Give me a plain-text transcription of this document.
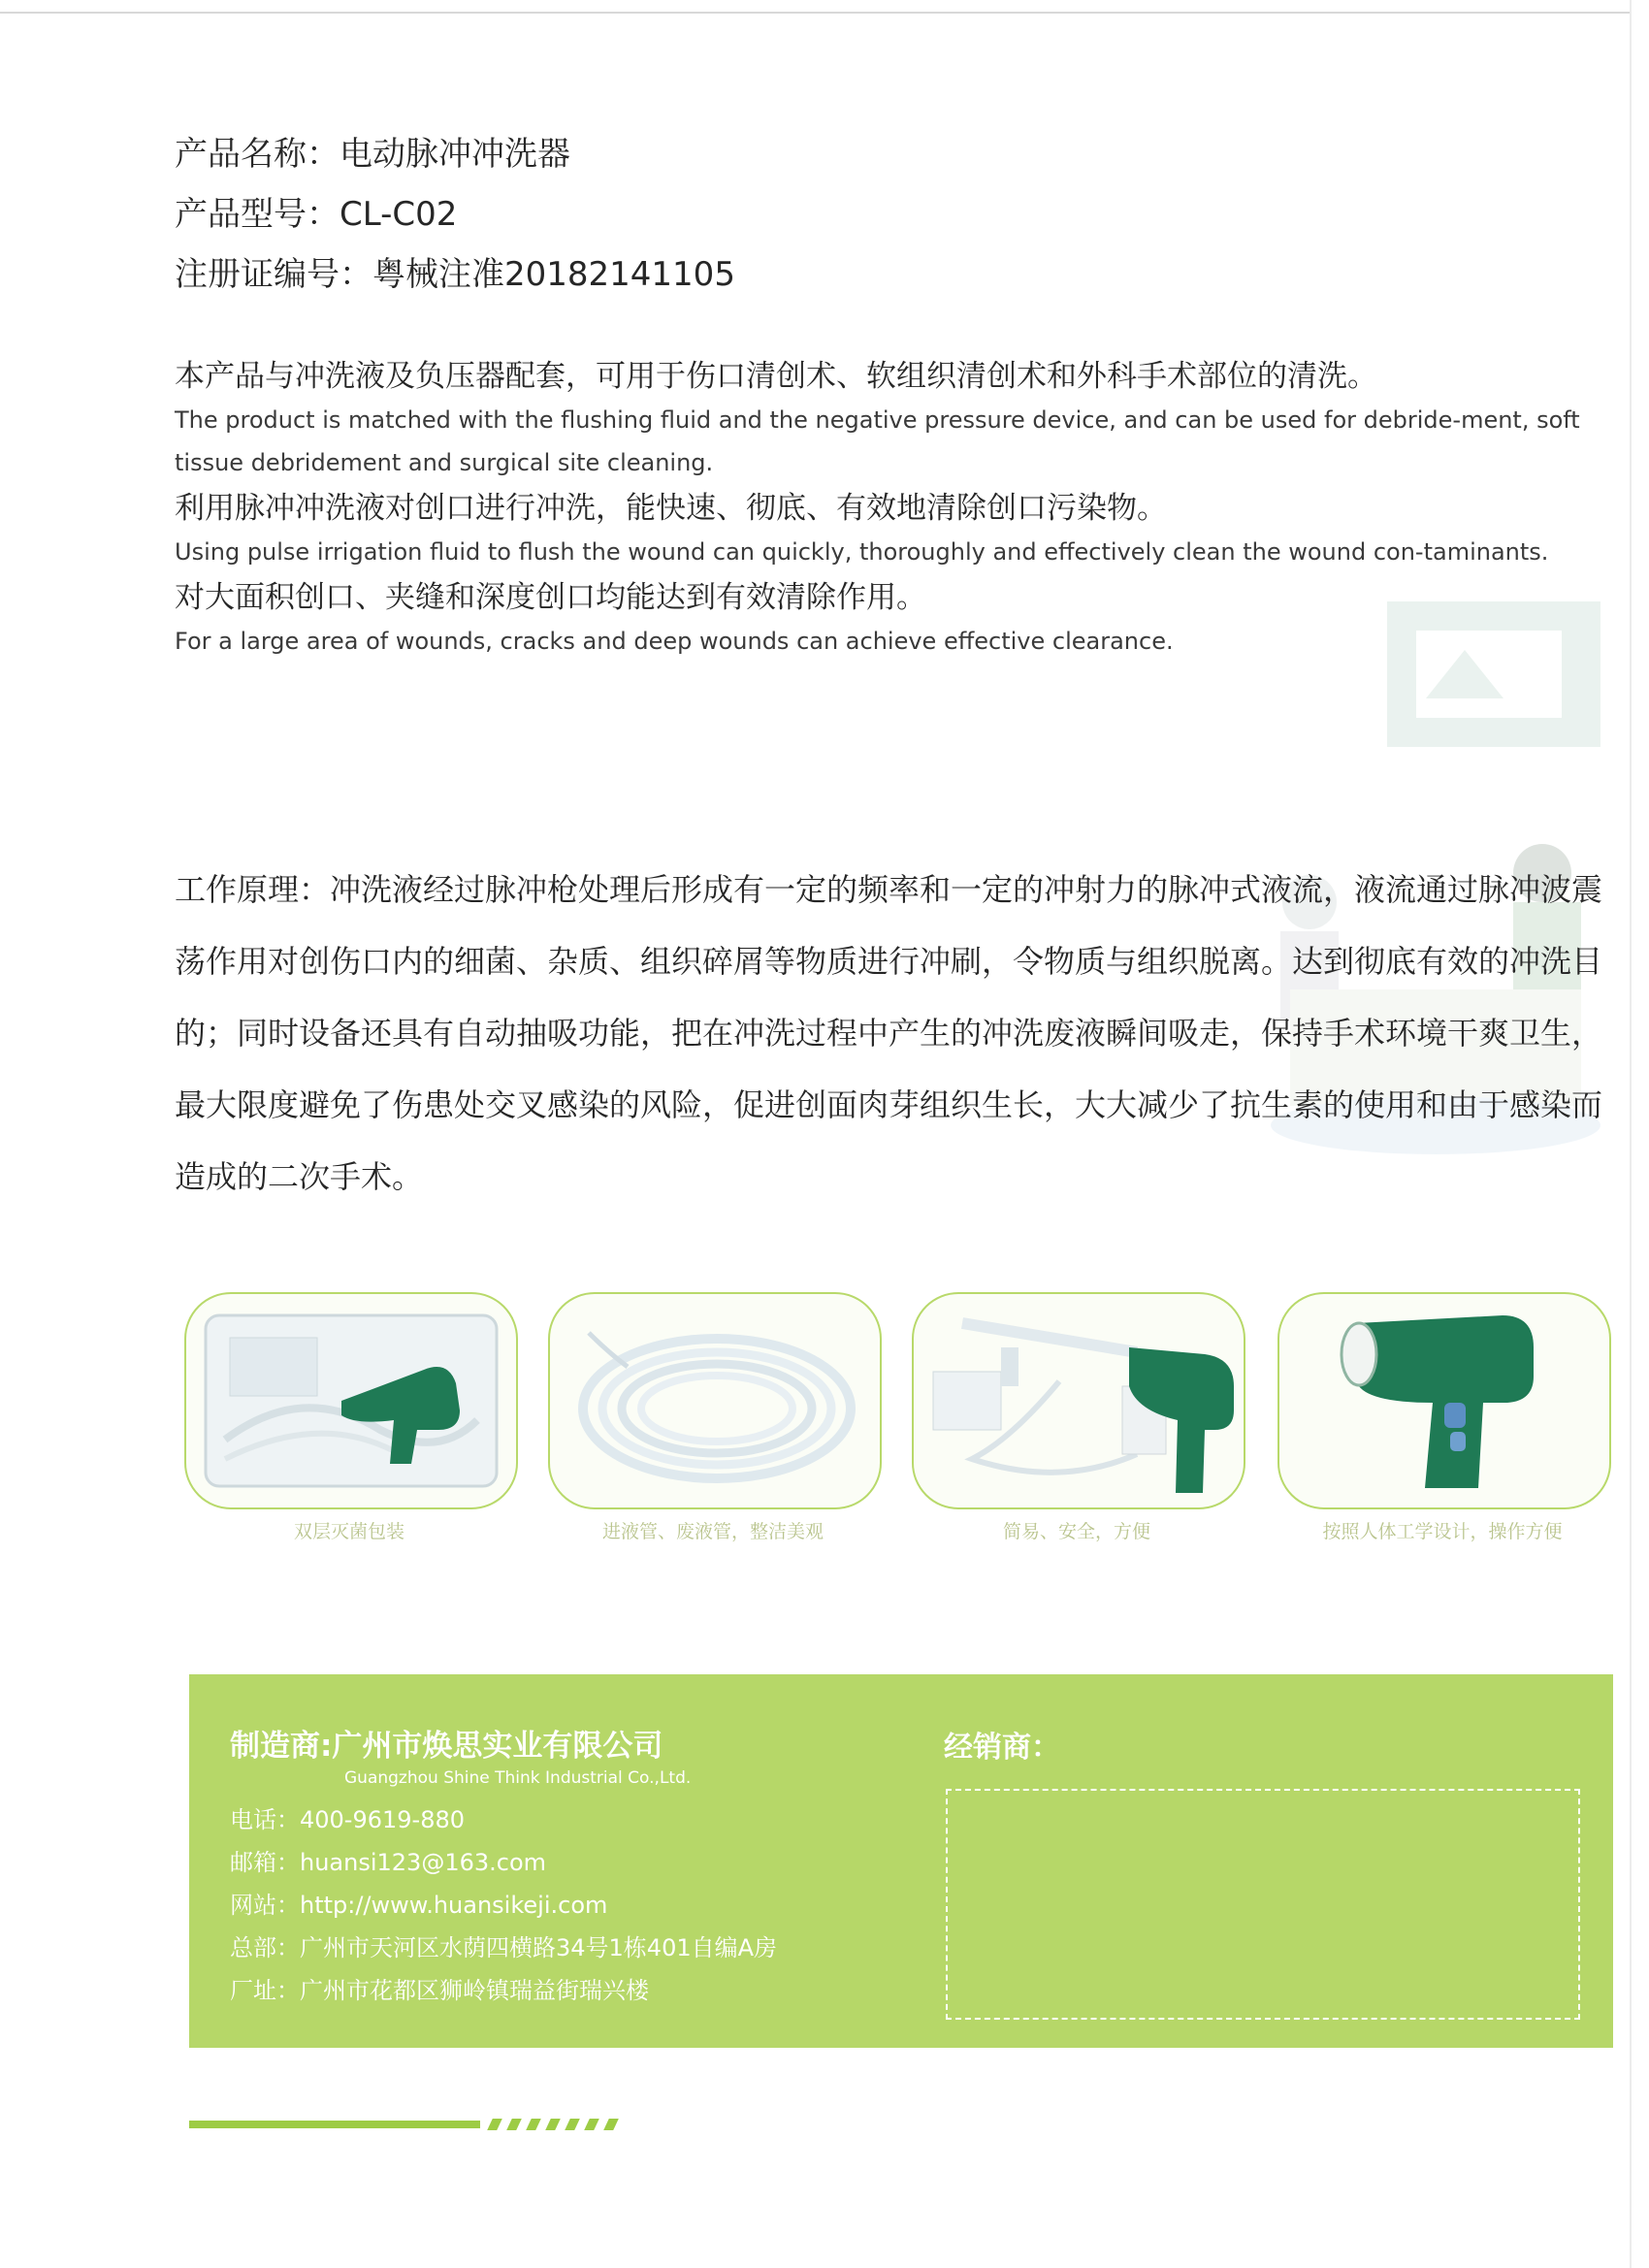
产品名称：电动脉冲冲洗器
产品型号：CL-C02
注册证编号：粤械注准20182141105
本产品与冲洗液及负压器配套，可用于伤口清创术、软组织清创术和外科手术部位的清洗。
The product is matched with the flushing fluid and the negative pressure device, and can be used for debride-ment, soft tissue debridement and surgical site cleaning.
利用脉冲冲洗液对创口进行冲洗，能快速、彻底、有效地清除创口污染物。
Using pulse irrigation fluid to flush the wound can quickly, thoroughly and effectively clean the wound con-taminants.
对大面积创口、夹缝和深度创口均能达到有效清除作用。
For a large area of wounds, cracks and deep wounds can achieve effective clearance.
工作原理：冲洗液经过脉冲枪处理后形成有一定的频率和一定的冲射力的脉冲式液流，液流通过脉冲波震荡作用对创伤口内的细菌、杂质、组织碎屑等物质进行冲刷，令物质与组织脱离。达到彻底有效的冲洗目的；同时设备还具有自动抽吸功能，把在冲洗过程中产生的冲洗废液瞬间吸走，保持手术环境干爽卫生，最大限度避免了伤患处交叉感染的风险，促进创面肉芽组织生长，大大减少了抗生素的使用和由于感染而造成的二次手术。
双层灭菌包装	进液管、废液管，整洁美观	简易、安全，方便	按照人体工学设计，操作方便
制造商:广州市焕思实业有限公司
Guangzhou Shine Think Industrial Co.,Ltd.
电话：400-9619-880
邮箱：huansi123@163.com
网站：http://www.huansikeji.com
总部：广州市天河区水荫四横路34号1栋401自编A房
厂址：广州市花都区狮岭镇瑞益街瑞兴楼
经销商：
